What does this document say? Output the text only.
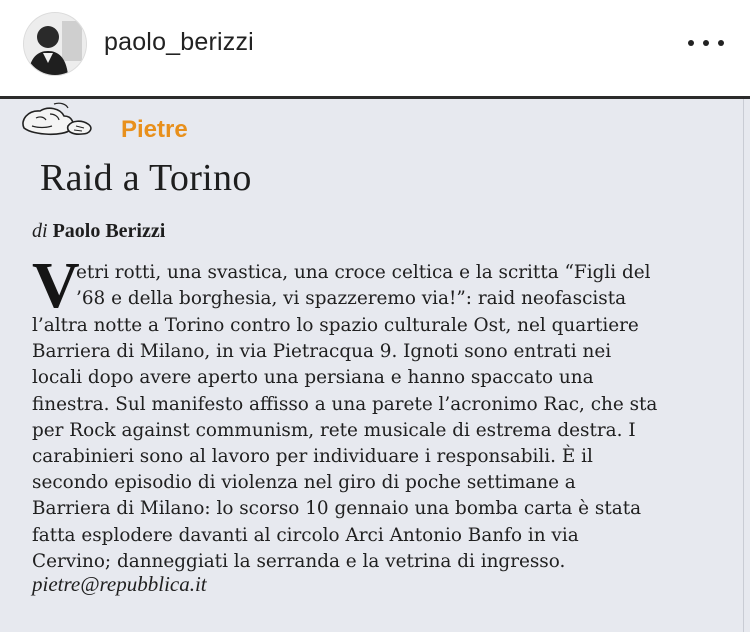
paolo_berizzi
Pietre
Raid a Torino
di Paolo Berizzi
V
etri rotti, una svastica, una croce celtica e la scritta “Figli del
’68 e della borghesia, vi spazzeremo via!”: raid neofascista
l’altra notte a Torino contro lo spazio culturale Ost, nel quartiere
Barriera di Milano, in via Pietracqua 9. Ignoti sono entrati nei
locali dopo avere aperto una persiana e hanno spaccato una
finestra. Sul manifesto affisso a una parete l’acronimo Rac, che sta
per Rock against communism, rete musicale di estrema destra. I
carabinieri sono al lavoro per individuare i responsabili. È il
secondo episodio di violenza nel giro di poche settimane a
Barriera di Milano: lo scorso 10 gennaio una bomba carta è stata
fatta esplodere davanti al circolo Arci Antonio Banfo in via
Cervino; danneggiati la serranda e la vetrina di ingresso.
pietre@repubblica.it
